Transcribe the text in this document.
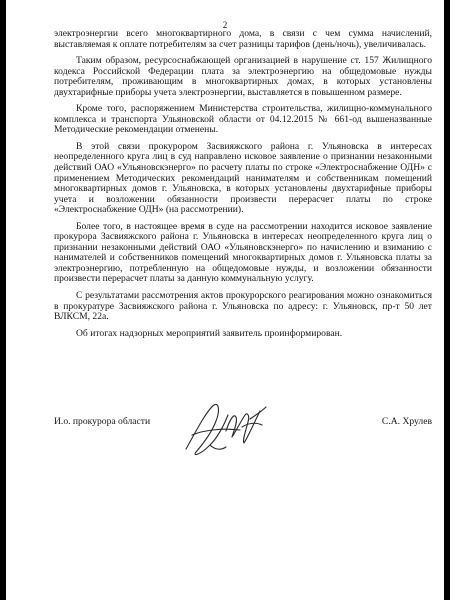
2

электроэнергии всего многоквартирного дома, в связи с чем сумма начислений, выставляемая к оплате потребителям за счет разницы тарифов (день/ночь), увеличивалась.

Таким образом, ресурсоснабжающей организацией в нарушение ст. 157 Жилищного кодекса Российской Федерации плата за электроэнергию на общедомовые нужды потребителям, проживающим в многоквартирных домах, в которых установлены двухтарифные приборы учета электроэнергии, выставляется в повышенном размере.

Кроме того, распоряжением Министерства строительства, жилищно-коммунального комплекса и транспорта Ульяновской области от 04.12.2015 № 661-од вышеназванные Методические рекомендации отменены.

В этой связи прокурором Засвияжского района г. Ульяновска в интересах неопределенного круга лиц в суд направлено исковое заявление о признании незаконными действий ОАО «Ульяновскэнерго» по расчету платы по строке «Электроснабжение ОДН» с применением Методических рекомендаций нанимателям и собственникам помещений многоквартирных домов г. Ульяновска, в которых установлены двухтарифные приборы учета и возложении обязанности произвести перерасчет платы по строке «Электроснабжение ОДН» (на рассмотрении).

Более того, в настоящее время в суде на рассмотрении находится исковое заявление прокурора Засвияжского района г. Ульяновска в интересах неопределенного круга лиц о признании незаконными действий ОАО «Ульяновскэнерго» по начислению и взиманию с нанимателей и собственников помещений многоквартирных домов г. Ульяновска платы за электроэнергию, потребленную на общедомовые нужды, и возложении обязанности произвести перерасчет платы за данную коммунальную услугу.

С результатами рассмотрения актов прокурорского реагирования можно ознакомиться в прокуратуре Засвияжского района г. Ульяновска по адресу: г. Ульяновск, пр-т 50 лет ВЛКСМ, 22а.

Об итогах надзорных мероприятий заявитель проинформирован.

И.о. прокурора области	С.А. Хрулев
